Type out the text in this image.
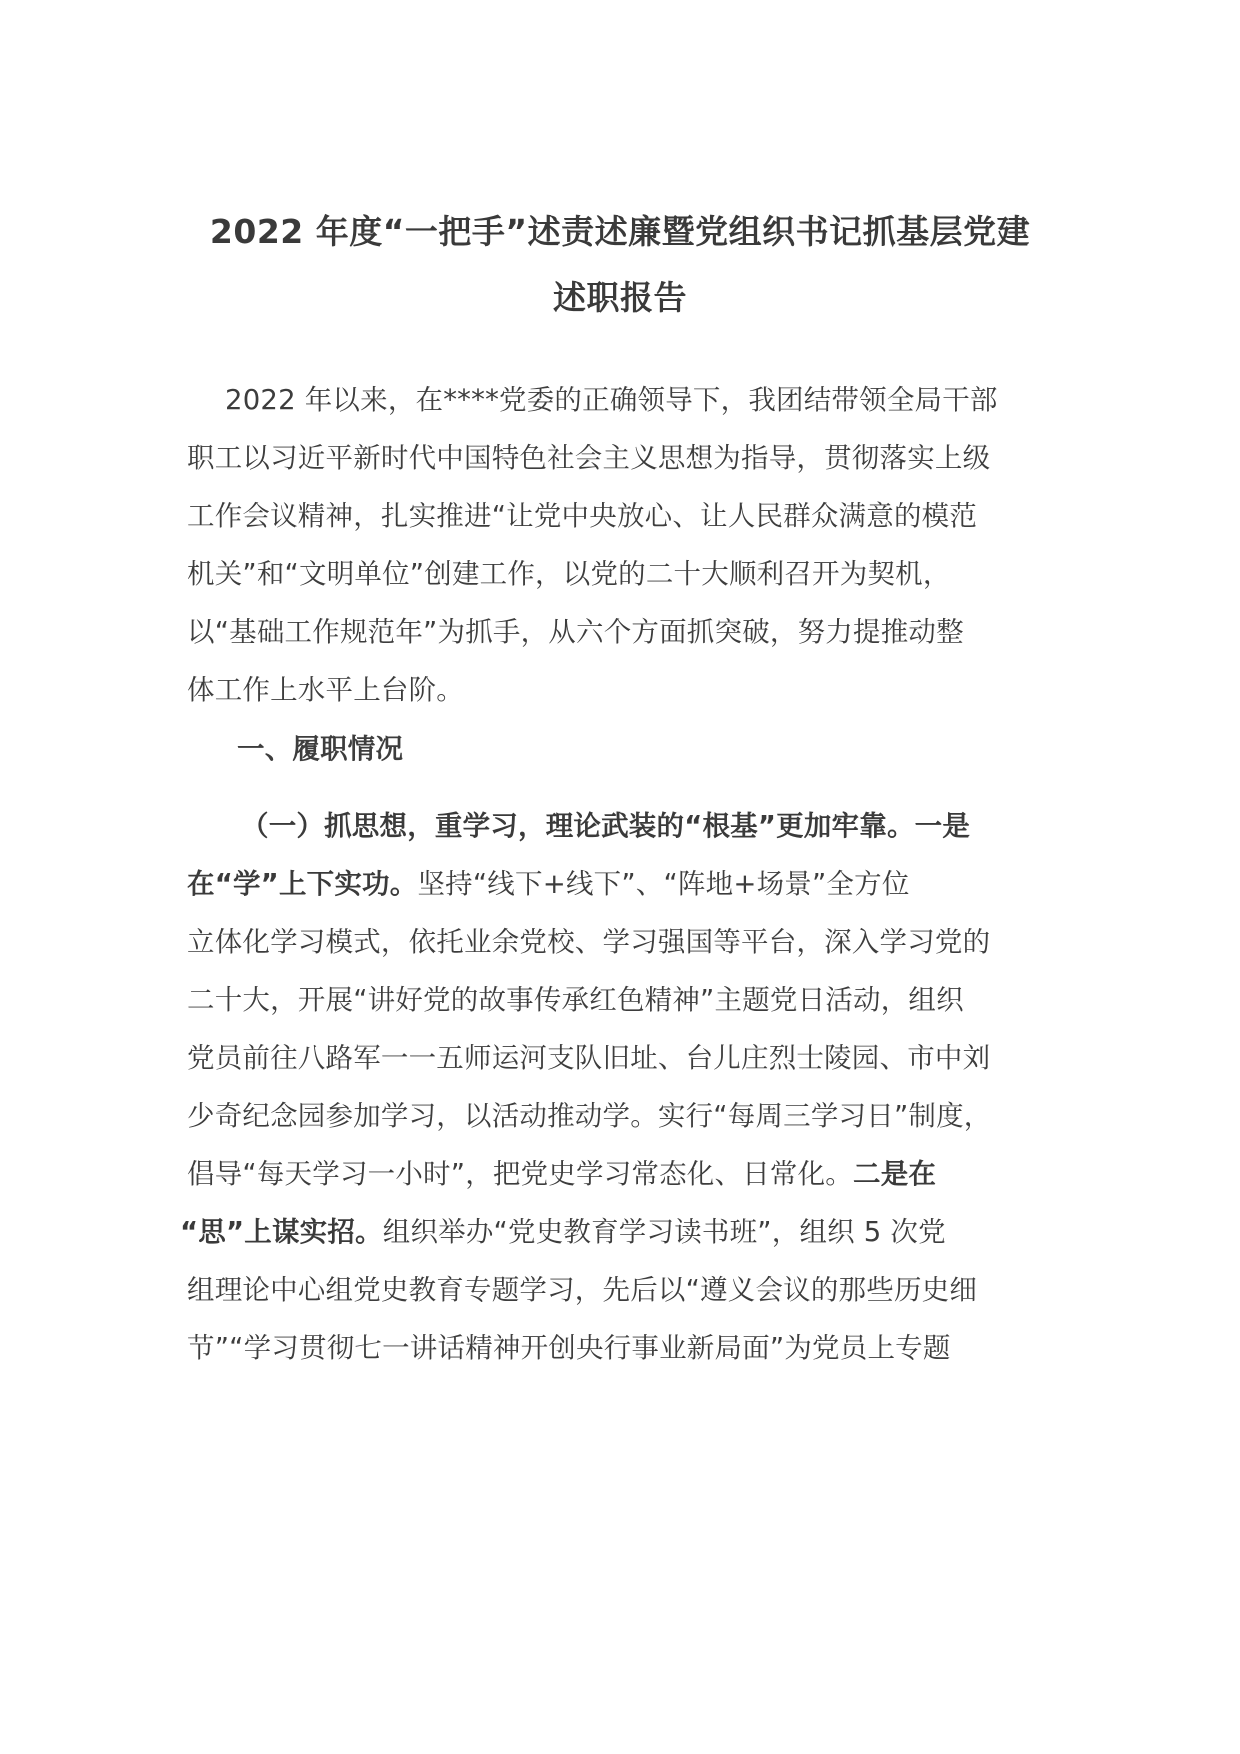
2022 年度“一把手”述责述廉暨党组织书记抓基层党建
述职报告
2022 年以来，在****党委的正确领导下，我团结带领全局干部
职工以习近平新时代中国特色社会主义思想为指导，贯彻落实上级
工作会议精神，扎实推进“让党中央放心、让人民群众满意的模范
机关”和“文明单位”创建工作，以党的二十大顺利召开为契机，
以“基础工作规范年”为抓手，从六个方面抓突破，努力提推动整
体工作上水平上台阶。
一、履职情况
（一）抓思想，重学习，理论武装的“根基”更加牢靠。一是
在“学”上下实功。坚持“线下+线下”、“阵地+场景”全方位
立体化学习模式，依托业余党校、学习强国等平台，深入学习党的
二十大，开展“讲好党的故事传承红色精神”主题党日活动，组织
党员前往八路军一一五师运河支队旧址、台儿庄烈士陵园、市中刘
少奇纪念园参加学习，以活动推动学。实行“每周三学习日”制度，
倡导“每天学习一小时”，把党史学习常态化、日常化。二是在
“思”上谋实招。组织举办“党史教育学习读书班”，组织 5 次党
组理论中心组党史教育专题学习，先后以“遵义会议的那些历史细
节”“学习贯彻七一讲话精神开创央行事业新局面”为党员上专题
